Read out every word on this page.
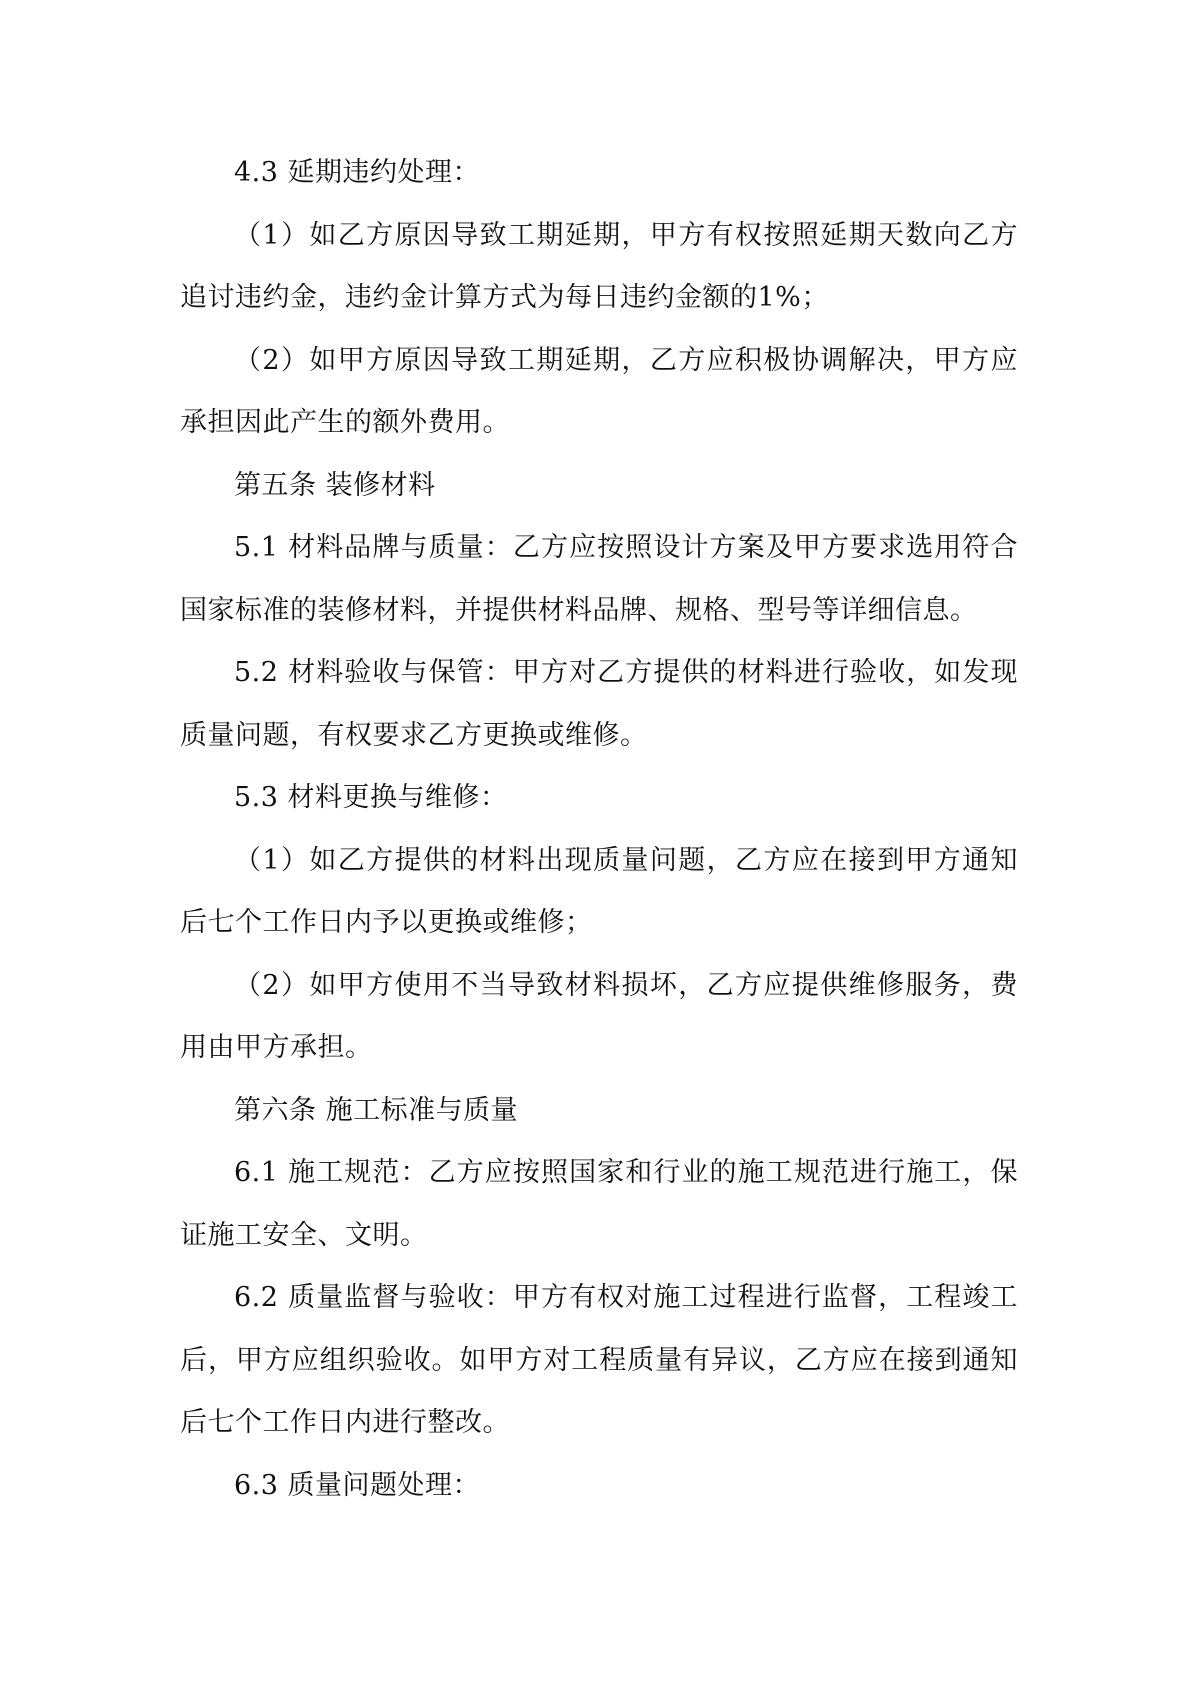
4.3 延期违约处理：

（1）如乙方原因导致工期延期，甲方有权按照延期天数向乙方追讨违约金，违约金计算方式为每日违约金额的1%；

（2）如甲方原因导致工期延期，乙方应积极协调解决，甲方应承担因此产生的额外费用。

第五条 装修材料

5.1 材料品牌与质量：乙方应按照设计方案及甲方要求选用符合国家标准的装修材料，并提供材料品牌、规格、型号等详细信息。

5.2 材料验收与保管：甲方对乙方提供的材料进行验收，如发现质量问题，有权要求乙方更换或维修。

5.3 材料更换与维修：

（1）如乙方提供的材料出现质量问题，乙方应在接到甲方通知后七个工作日内予以更换或维修；

（2）如甲方使用不当导致材料损坏，乙方应提供维修服务，费用由甲方承担。

第六条 施工标准与质量

6.1 施工规范：乙方应按照国家和行业的施工规范进行施工，保证施工安全、文明。

6.2 质量监督与验收：甲方有权对施工过程进行监督，工程竣工后，甲方应组织验收。如甲方对工程质量有异议，乙方应在接到通知后七个工作日内进行整改。

6.3 质量问题处理：
